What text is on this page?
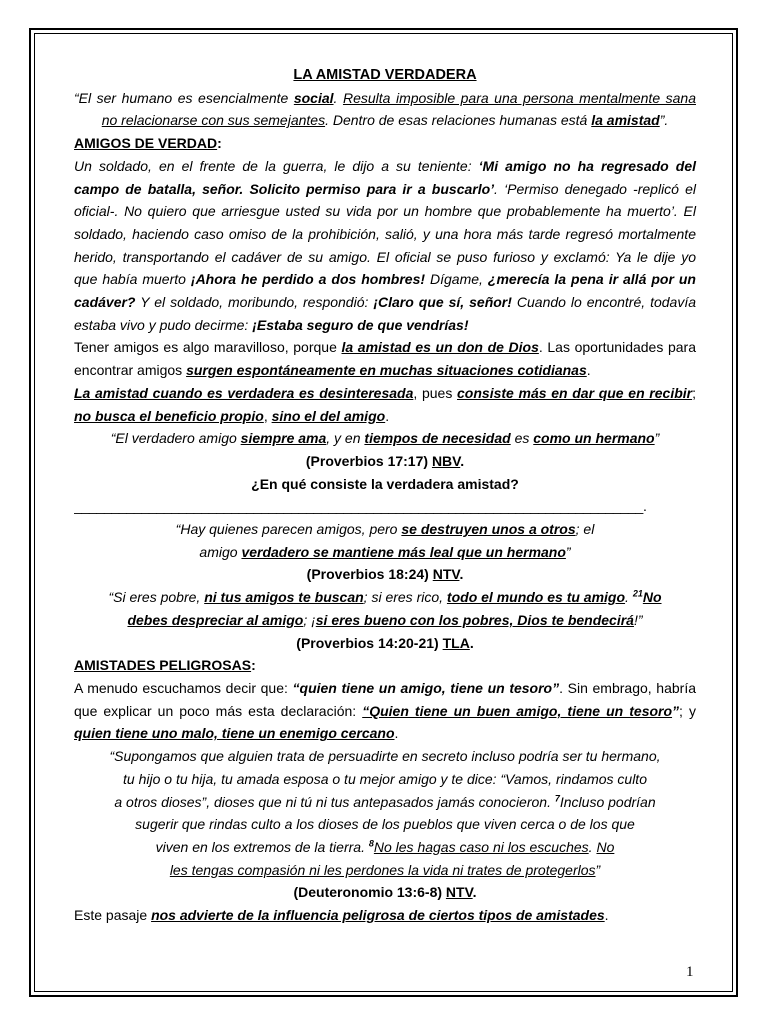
LA AMISTAD VERDADERA

“El ser humano es esencialmente social. Resulta imposible para una persona mentalmente sana

no relacionarse con sus semejantes. Dentro de esas relaciones humanas está la amistad”.

AMIGOS DE VERDAD:

Un soldado, en el frente de la guerra, le dijo a su teniente: ‘Mi amigo no ha regresado del

campo de batalla, señor. Solicito permiso para ir a buscarlo’. ‘Permiso denegado -replicó el

oficial-. No quiero que arriesgue usted su vida por un hombre que probablemente ha muerto’. El

soldado, haciendo caso omiso de la prohibición, salió, y una hora más tarde regresó mortalmente

herido, transportando el cadáver de su amigo. El oficial se puso furioso y exclamó: Ya le dije yo

que había muerto ¡Ahora he perdido a dos hombres! Dígame, ¿merecía la pena ir allá por un

cadáver? Y el soldado, moribundo, respondió: ¡Claro que sí, señor! Cuando lo encontré, todavía

estaba vivo y pudo decirme: ¡Estaba seguro de que vendrías!

Tener amigos es algo maravilloso, porque la amistad es un don de Dios. Las oportunidades para

encontrar amigos surgen espontáneamente en muchas situaciones cotidianas.

La amistad cuando es verdadera es desinteresada, pues consiste más en dar que en recibir;

no busca el beneficio propio, sino el del amigo.

“El verdadero amigo siempre ama, y en tiempos de necesidad es como un hermano”

(Proverbios 17:17) NBV.

¿En qué consiste la verdadera amistad?

____________________________________________________________________________.

“Hay quienes parecen amigos, pero se destruyen unos a otros; el

amigo verdadero se mantiene más leal que un hermano”

(Proverbios 18:24) NTV.

“Si eres pobre, ni tus amigos te buscan; si eres rico, todo el mundo es tu amigo. $^{21}$No

debes despreciar al amigo; ¡si eres bueno con los pobres, Dios te bendecirá!”

(Proverbios 14:20-21) TLA.

AMISTADES PELIGROSAS:

A menudo escuchamos decir que: “quien tiene un amigo, tiene un tesoro”. Sin embrago, habría

que explicar un poco más esta declaración: “Quien tiene un buen amigo, tiene un tesoro”; y

quien tiene uno malo, tiene un enemigo cercano.

“Supongamos que alguien trata de persuadirte en secreto incluso podría ser tu hermano,

tu hijo o tu hija, tu amada esposa o tu mejor amigo y te dice: “Vamos, rindamos culto

a otros dioses”, dioses que ni tú ni tus antepasados jamás conocieron. $^7$Incluso podrían

sugerir que rindas culto a los dioses de los pueblos que viven cerca o de los que

viven en los extremos de la tierra. $^8$No les hagas caso ni los escuches. No

les tengas compasión ni les perdones la vida ni trates de protegerlos”

(Deuteronomio 13:6-8) NTV.

Este pasaje nos advierte de la influencia peligrosa de ciertos tipos de amistades.

1
